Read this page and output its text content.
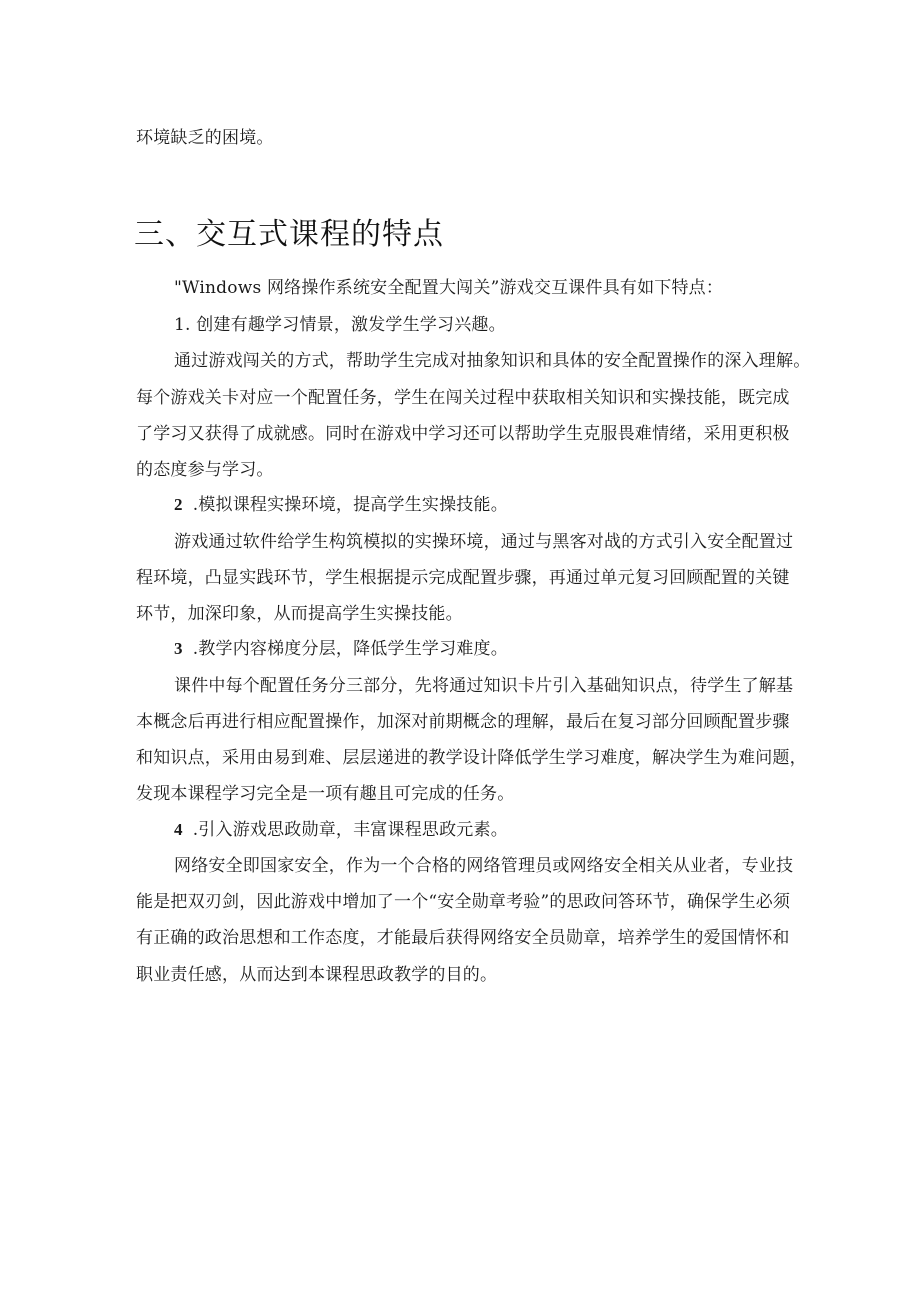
环境缺乏的困境。
三、交互式课程的特点
"Windows 网络操作系统安全配置大闯关”游戏交互课件具有如下特点：
1. 创建有趣学习情景，激发学生学习兴趣。
通过游戏闯关的方式，帮助学生完成对抽象知识和具体的安全配置操作的深入理解。
每个游戏关卡对应一个配置任务，学生在闯关过程中获取相关知识和实操技能，既完成
了学习又获得了成就感。同时在游戏中学习还可以帮助学生克服畏难情绪，采用更积极
的态度参与学习。
2 .模拟课程实操环境，提高学生实操技能。
游戏通过软件给学生构筑模拟的实操环境，通过与黑客对战的方式引入安全配置过
程环境，凸显实践环节，学生根据提示完成配置步骤，再通过单元复习回顾配置的关键
环节，加深印象，从而提高学生实操技能。
3 .教学内容梯度分层，降低学生学习难度。
课件中每个配置任务分三部分，先将通过知识卡片引入基础知识点，待学生了解基
本概念后再进行相应配置操作，加深对前期概念的理解，最后在复习部分回顾配置步骤
和知识点，采用由易到难、层层递进的教学设计降低学生学习难度，解决学生为难问题，
发现本课程学习完全是一项有趣且可完成的任务。
4 .引入游戏思政勋章，丰富课程思政元素。
网络安全即国家安全，作为一个合格的网络管理员或网络安全相关从业者，专业技
能是把双刃剑，因此游戏中增加了一个“安全勋章考验”的思政问答环节，确保学生必须
有正确的政治思想和工作态度，才能最后获得网络安全员勋章，培养学生的爱国情怀和
职业责任感，从而达到本课程思政教学的目的。
